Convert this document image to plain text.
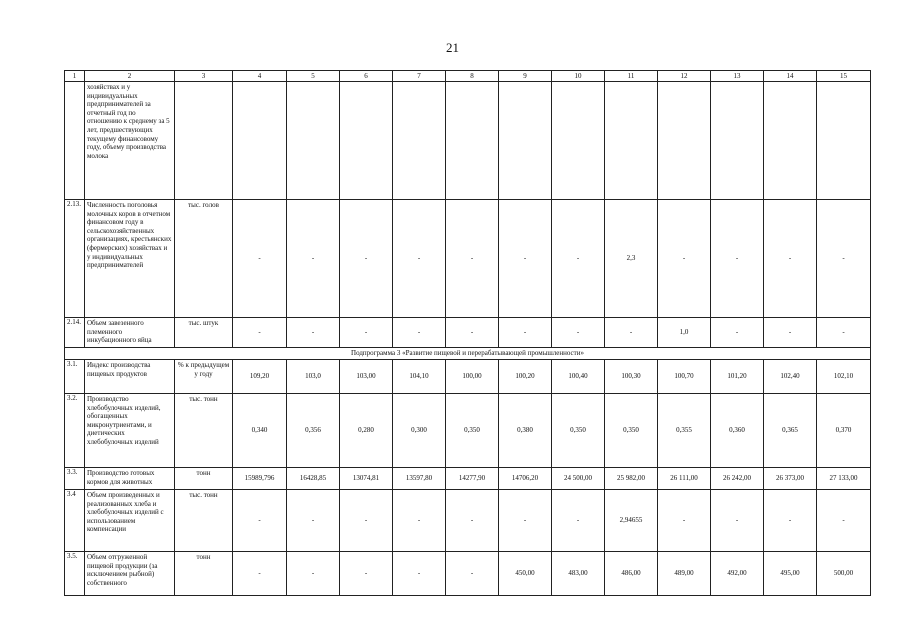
21
1	2	3	4	5	6	7	8	9	10	11	12	13	14	15
	хозяйствах и у индивидуальных предпринимателей за отчетный год по отношению к среднему за 5 лет, предшествующих текущему финансовому году, объему производства молока													
2.13.	Численность поголовья молочных коров в отчетном финансовом году в сельскохозяйственных организациях, крестьянских (фермерских) хозяйствах и у индивидуальных предпринимателей	тыс. голов	-	-	-	-	-	-	-	2,3	-	-	-	-
2.14.	Объем завезенного племенного инкубационного яйца	тыс. штук	-	-	-	-	-	-	-	-	1,0	-	-	-
Подпрограмма 3 «Развитие пищевой и перерабатывающей промышленности»														
3.1.	Индекс производства пищевых продуктов	% к предыдущем у году	109,20	103,0	103,00	104,10	100,00	100,20	100,40	100,30	100,70	101,20	102,40	102,10
3.2.	Производство хлебобулочных изделий, обогащенных микронутриентами, и диетических хлебобулочных изделий	тыс. тонн	0,340	0,356	0,280	0,300	0,350	0,380	0,350	0,350	0,355	0,360	0,365	0,370
3.3.	Производство готовых кормов для животных	тонн	15989,796	16428,85	13074,81	13597,80	14277,90	14706,20	24 500,00	25 982,00	26 111,00	26 242,00	26 373,00	27 133,00
3.4	Объем произведенных и реализованных хлеба и хлебобулочных изделий с использованием компенсации	тыс. тонн	-	-	-	-	-	-	-	2,94655	-	-	-	-
3.5.	Объем отгруженной пищевой продукции (за исключением рыбной) собственного	тонн	-	-	-	-	-	450,00	483,00	486,00	489,00	492,00	495,00	500,00
